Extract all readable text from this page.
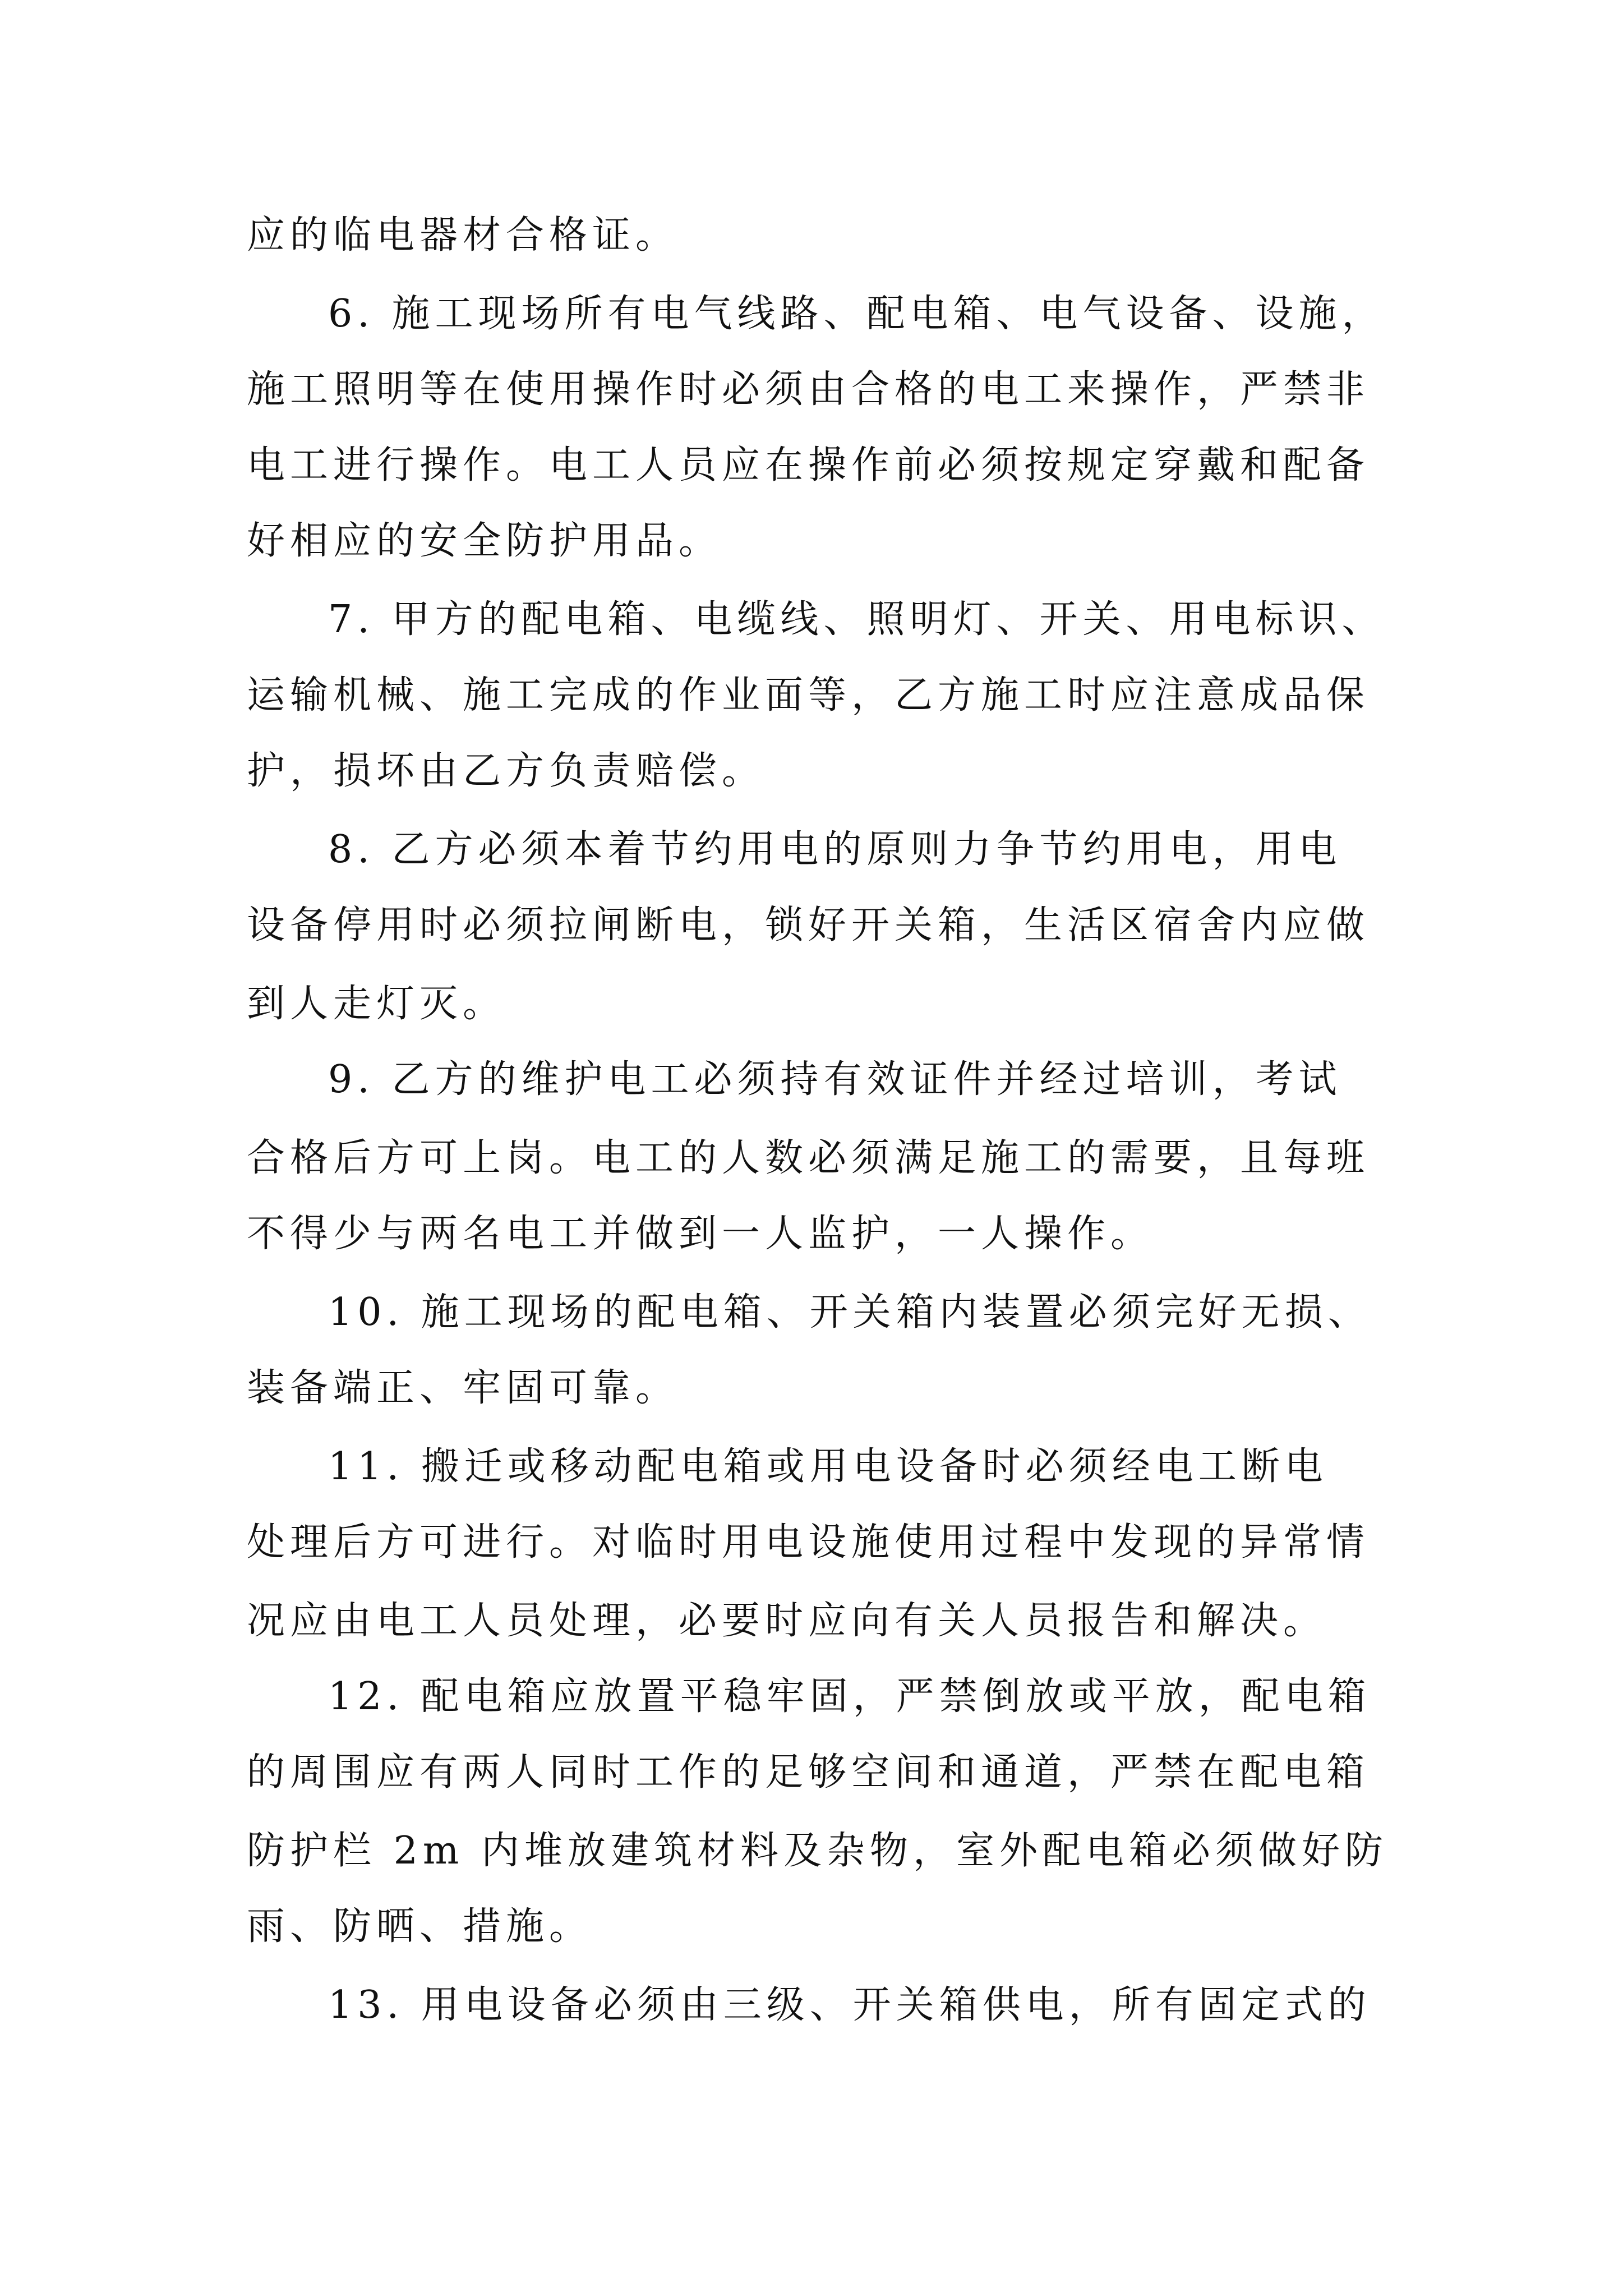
应的临电器材合格证。
6. 施工现场所有电气线路、配电箱、电气设备、设施，
施工照明等在使用操作时必须由合格的电工来操作，严禁非
电工进行操作。电工人员应在操作前必须按规定穿戴和配备
好相应的安全防护用品。
7. 甲方的配电箱、电缆线、照明灯、开关、用电标识、
运输机械、施工完成的作业面等，乙方施工时应注意成品保
护，损坏由乙方负责赔偿。
8. 乙方必须本着节约用电的原则力争节约用电，用电
设备停用时必须拉闸断电，锁好开关箱，生活区宿舍内应做
到人走灯灭。
9. 乙方的维护电工必须持有效证件并经过培训，考试
合格后方可上岗。电工的人数必须满足施工的需要，且每班
不得少与两名电工并做到一人监护，一人操作。
10. 施工现场的配电箱、开关箱内装置必须完好无损、
装备端正、牢固可靠。
11. 搬迁或移动配电箱或用电设备时必须经电工断电
处理后方可进行。对临时用电设施使用过程中发现的异常情
况应由电工人员处理，必要时应向有关人员报告和解决。
12. 配电箱应放置平稳牢固，严禁倒放或平放，配电箱
的周围应有两人同时工作的足够空间和通道，严禁在配电箱
防护栏 2m 内堆放建筑材料及杂物，室外配电箱必须做好防
雨、防晒、措施。
13. 用电设备必须由三级、开关箱供电，所有固定式的
